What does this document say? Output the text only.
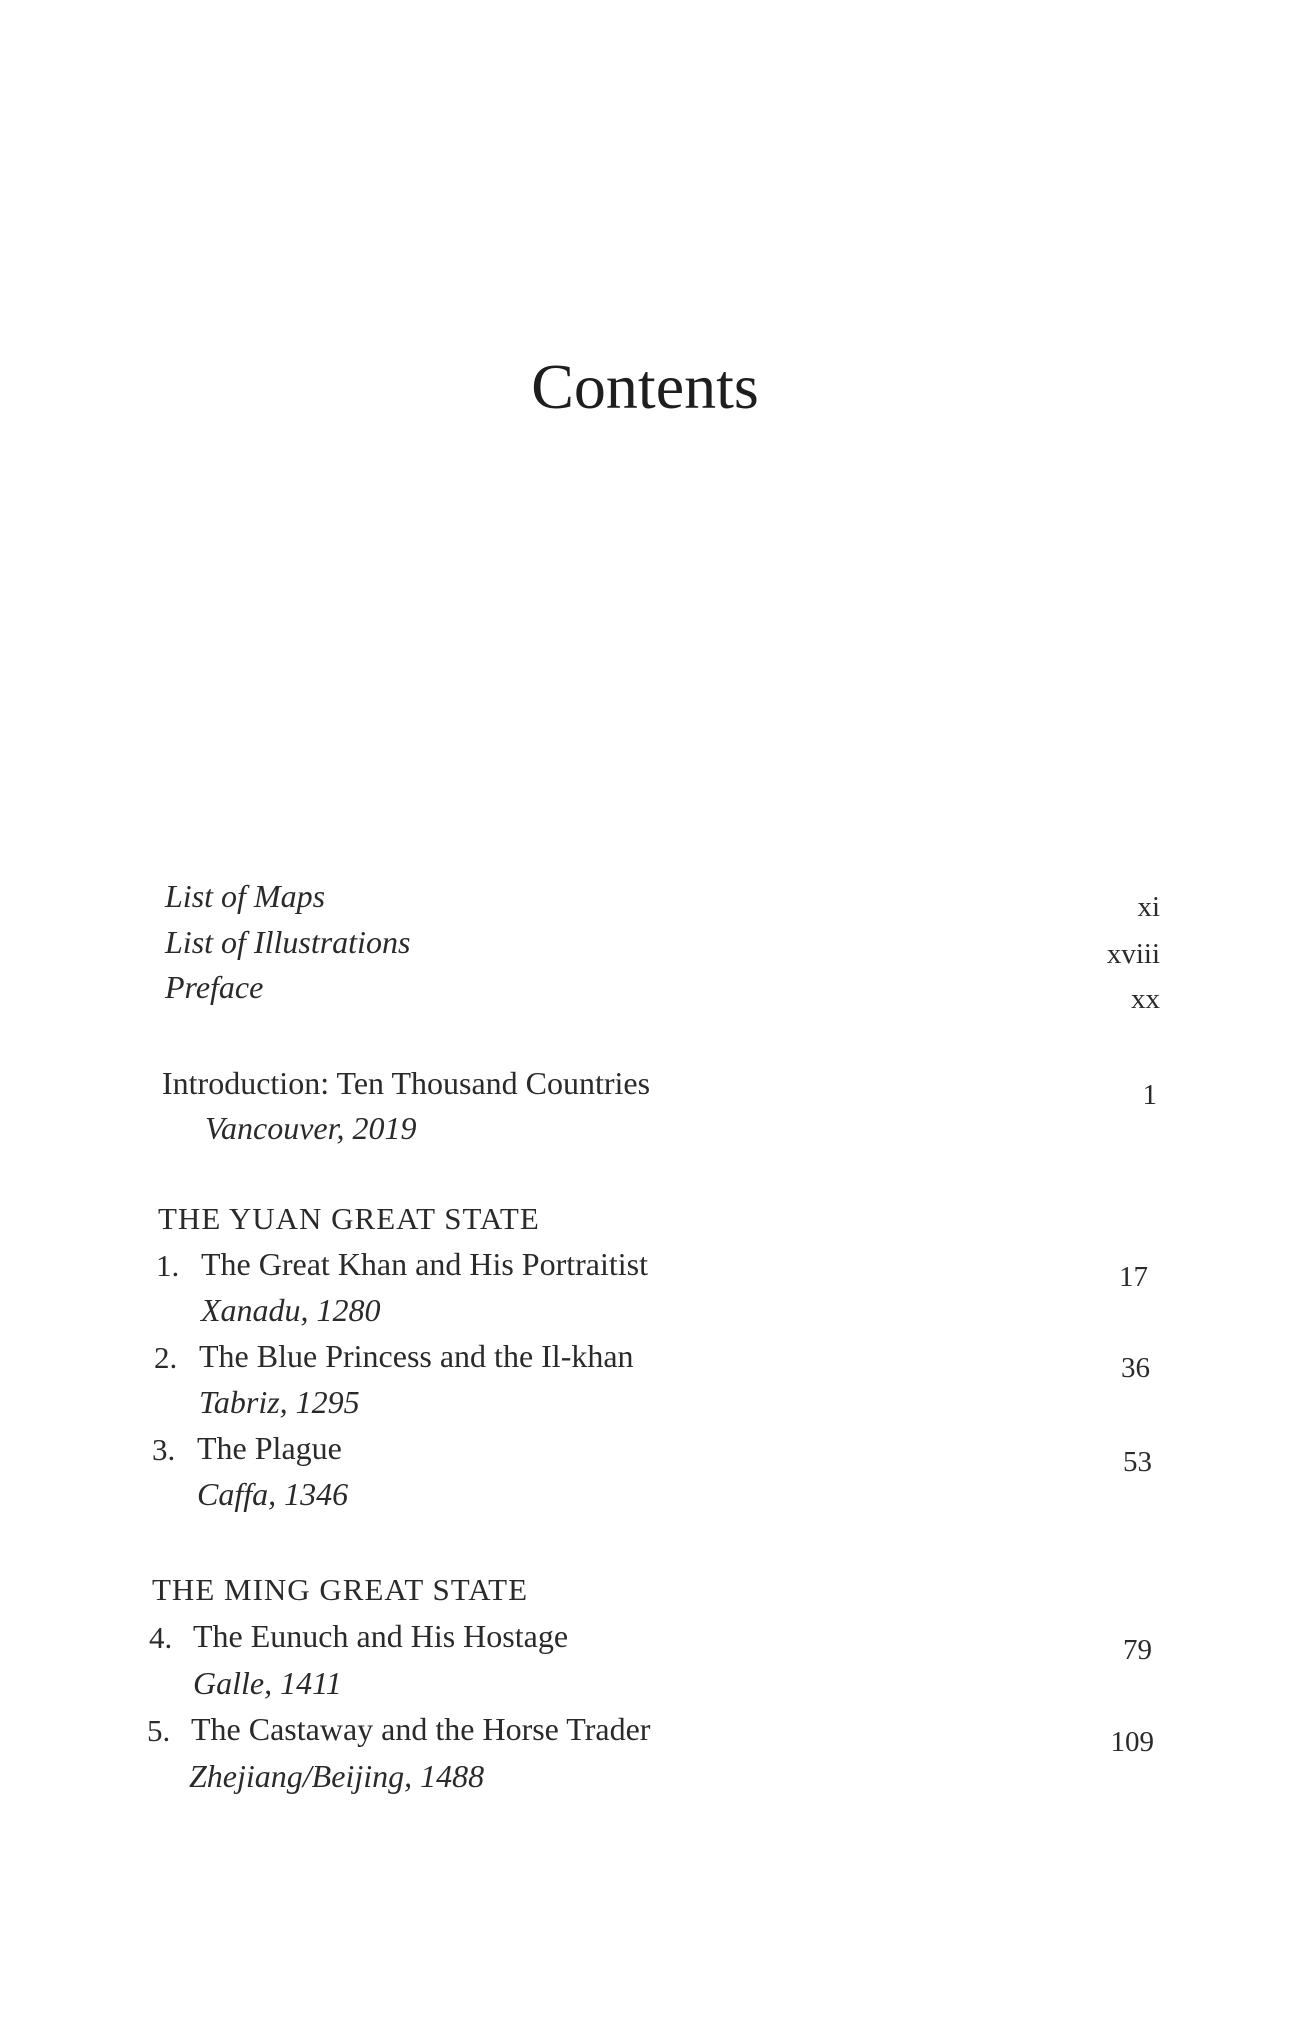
Contents
List of Maps	xi
List of Illustrations	xviii
Preface	xx
Introduction: Ten Thousand Countries	1
Vancouver, 2019
THE YUAN GREAT STATE
1. The Great Khan and His Portraitist	17
Xanadu, 1280
2. The Blue Princess and the Il-khan	36
Tabriz, 1295
3. The Plague	53
Caffa, 1346
THE MING GREAT STATE
4. The Eunuch and His Hostage	79
Galle, 1411
5. The Castaway and the Horse Trader	109
Zhejiang/Beijing, 1488
